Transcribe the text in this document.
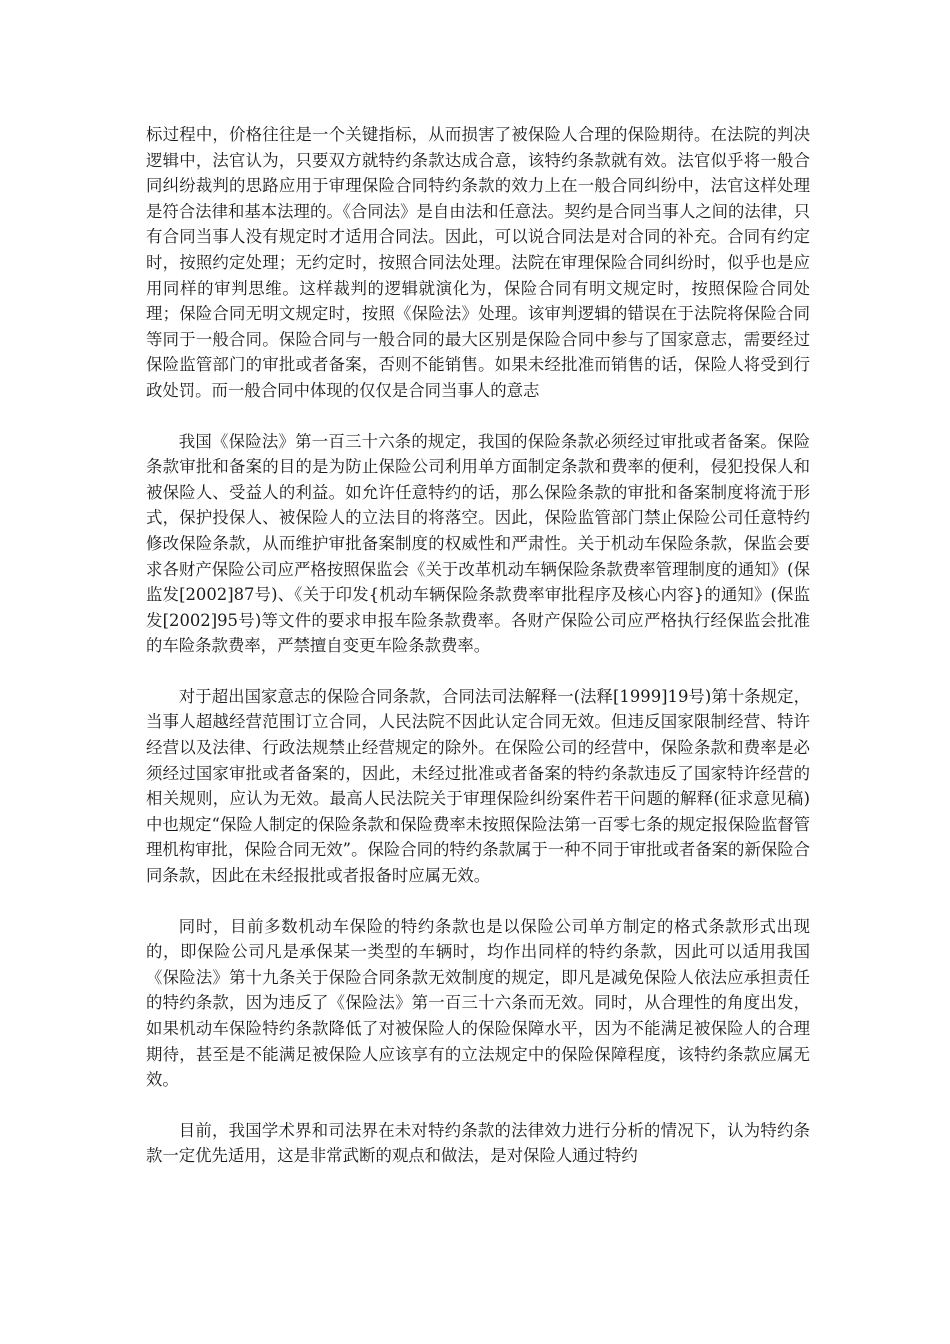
标过程中，价格往往是一个关键指标，从而损害了被保险人合理的保险期待。在法院的判决逻辑中，法官认为，只要双方就特约条款达成合意，该特约条款就有效。法官似乎将一般合同纠纷裁判的思路应用于审理保险合同特约条款的效力上在一般合同纠纷中，法官这样处理是符合法律和基本法理的。《合同法》是自由法和任意法。契约是合同当事人之间的法律，只有合同当事人没有规定时才适用合同法。因此，可以说合同法是对合同的补充。合同有约定时，按照约定处理；无约定时，按照合同法处理。法院在审理保险合同纠纷时，似乎也是应用同样的审判思维。这样裁判的逻辑就演化为，保险合同有明文规定时，按照保险合同处理；保险合同无明文规定时，按照《保险法》处理。该审判逻辑的错误在于法院将保险合同等同于一般合同。保险合同与一般合同的最大区别是保险合同中参与了国家意志，需要经过保险监管部门的审批或者备案，否则不能销售。如果未经批准而销售的话，保险人将受到行政处罚。而一般合同中体现的仅仅是合同当事人的意志

我国《保险法》第一百三十六条的规定，我国的保险条款必须经过审批或者备案。保险条款审批和备案的目的是为防止保险公司利用单方面制定条款和费率的便利，侵犯投保人和被保险人、受益人的利益。如允许任意特约的话，那么保险条款的审批和备案制度将流于形式，保护投保人、被保险人的立法目的将落空。因此，保险监管部门禁止保险公司任意特约修改保险条款，从而维护审批备案制度的权威性和严肃性。关于机动车保险条款，保监会要求各财产保险公司应严格按照保监会《关于改革机动车辆保险条款费率管理制度的通知》(保监发[2002]87号)、《关于印发{机动车辆保险条款费率审批程序及核心内容}的通知》(保监发[2002]95号)等文件的要求申报车险条款费率。各财产保险公司应严格执行经保监会批准的车险条款费率，严禁擅自变更车险条款费率。

对于超出国家意志的保险合同条款，合同法司法解释一(法释[1999]19号)第十条规定，当事人超越经营范围订立合同，人民法院不因此认定合同无效。但违反国家限制经营、特许经营以及法律、行政法规禁止经营规定的除外。在保险公司的经营中，保险条款和费率是必须经过国家审批或者备案的，因此，未经过批准或者备案的特约条款违反了国家特许经营的相关规则，应认为无效。最高人民法院关于审理保险纠纷案件若干问题的解释(征求意见稿)中也规定“保险人制定的保险条款和保险费率未按照保险法第一百零七条的规定报保险监督管理机构审批，保险合同无效”。保险合同的特约条款属于一种不同于审批或者备案的新保险合同条款，因此在未经报批或者报备时应属无效。

同时，目前多数机动车保险的特约条款也是以保险公司单方制定的格式条款形式出现的，即保险公司凡是承保某一类型的车辆时，均作出同样的特约条款，因此可以适用我国《保险法》第十九条关于保险合同条款无效制度的规定，即凡是减免保险人依法应承担责任的特约条款，因为违反了《保险法》第一百三十六条而无效。同时，从合理性的角度出发，如果机动车保险特约条款降低了对被保险人的保险保障水平，因为不能满足被保险人的合理期待，甚至是不能满足被保险人应该享有的立法规定中的保险保障程度，该特约条款应属无效。

目前，我国学术界和司法界在未对特约条款的法律效力进行分析的情况下，认为特约条款一定优先适用，这是非常武断的观点和做法，是对保险人通过特约
